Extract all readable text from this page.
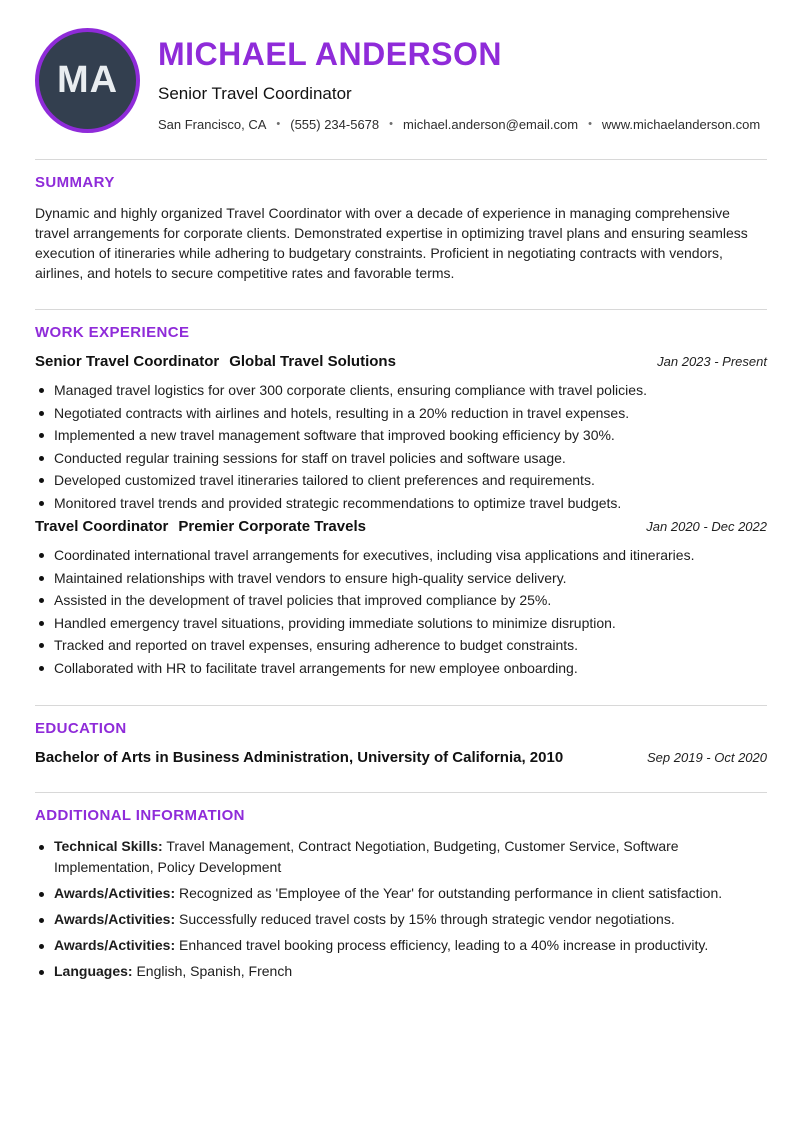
MA
MICHAEL ANDERSON
Senior Travel Coordinator
San Francisco, CA • (555) 234-5678 • michael.anderson@email.com • www.michaelanderson.com
SUMMARY

Dynamic and highly organized Travel Coordinator with over a decade of experience in managing comprehensive travel arrangements for corporate clients. Demonstrated expertise in optimizing travel plans and ensuring seamless execution of itineraries while adhering to budgetary constraints. Proficient in negotiating contracts with vendors, airlines, and hotels to secure competitive rates and favorable terms.

WORK EXPERIENCE
Senior Travel Coordinator Global Travel Solutions	Jan 2023 - Present
Managed travel logistics for over 300 corporate clients, ensuring compliance with travel policies.
Negotiated contracts with airlines and hotels, resulting in a 20% reduction in travel expenses.
Implemented a new travel management software that improved booking efficiency by 30%.
Conducted regular training sessions for staff on travel policies and software usage.
Developed customized travel itineraries tailored to client preferences and requirements.
Monitored travel trends and provided strategic recommendations to optimize travel budgets.
Travel Coordinator Premier Corporate Travels	Jan 2020 - Dec 2022
Coordinated international travel arrangements for executives, including visa applications and itineraries.
Maintained relationships with travel vendors to ensure high-quality service delivery.
Assisted in the development of travel policies that improved compliance by 25%.
Handled emergency travel situations, providing immediate solutions to minimize disruption.
Tracked and reported on travel expenses, ensuring adherence to budget constraints.
Collaborated with HR to facilitate travel arrangements for new employee onboarding.
EDUCATION
Bachelor of Arts in Business Administration, University of California, 2010	Sep 2019 - Oct 2020
ADDITIONAL INFORMATION
Technical Skills: Travel Management, Contract Negotiation, Budgeting, Customer Service, Software Implementation, Policy Development
Awards/Activities: Recognized as 'Employee of the Year' for outstanding performance in client satisfaction.
Awards/Activities: Successfully reduced travel costs by 15% through strategic vendor negotiations.
Awards/Activities: Enhanced travel booking process efficiency, leading to a 40% increase in productivity.
Languages: English, Spanish, French
